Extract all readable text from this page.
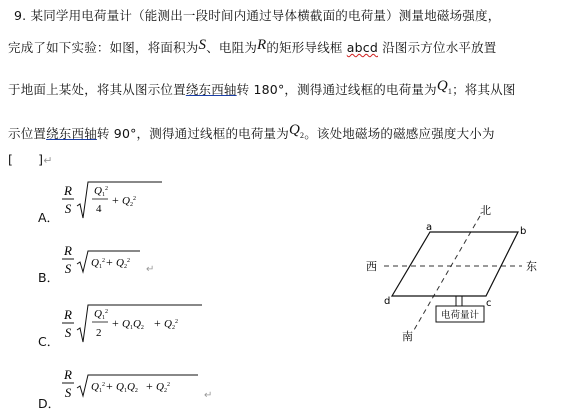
9. 某同学用电荷量计（能测出一段时间内通过导体横截面的电荷量）测量地磁场强度，
完成了如下实验：如图，将面积为S、电阻为R的矩形导线框 abcd 沿图示方位水平放置
于地面上某处，将其从图示位置绕东西轴转 180°，测得通过线框的电荷量为$Q_1$；将其从图
示位置绕东西轴转 90°，测得通过线框的电荷量为$Q_2$。该处地磁场的磁感应强度大小为
[      ]↵
A．
R
S
$Q1^2$
4
+ $Q2^2$
B．
R
S $Q1^2 + Q2^2$
↵
C．
R
S
$Q1^2$
2
+ $Q1Q2 + Q2^2$
D．
R
S $Q1^2 + Q1Q2 + Q2^2$
↵
电荷量计
北
南
西	东
a	b
c
d
